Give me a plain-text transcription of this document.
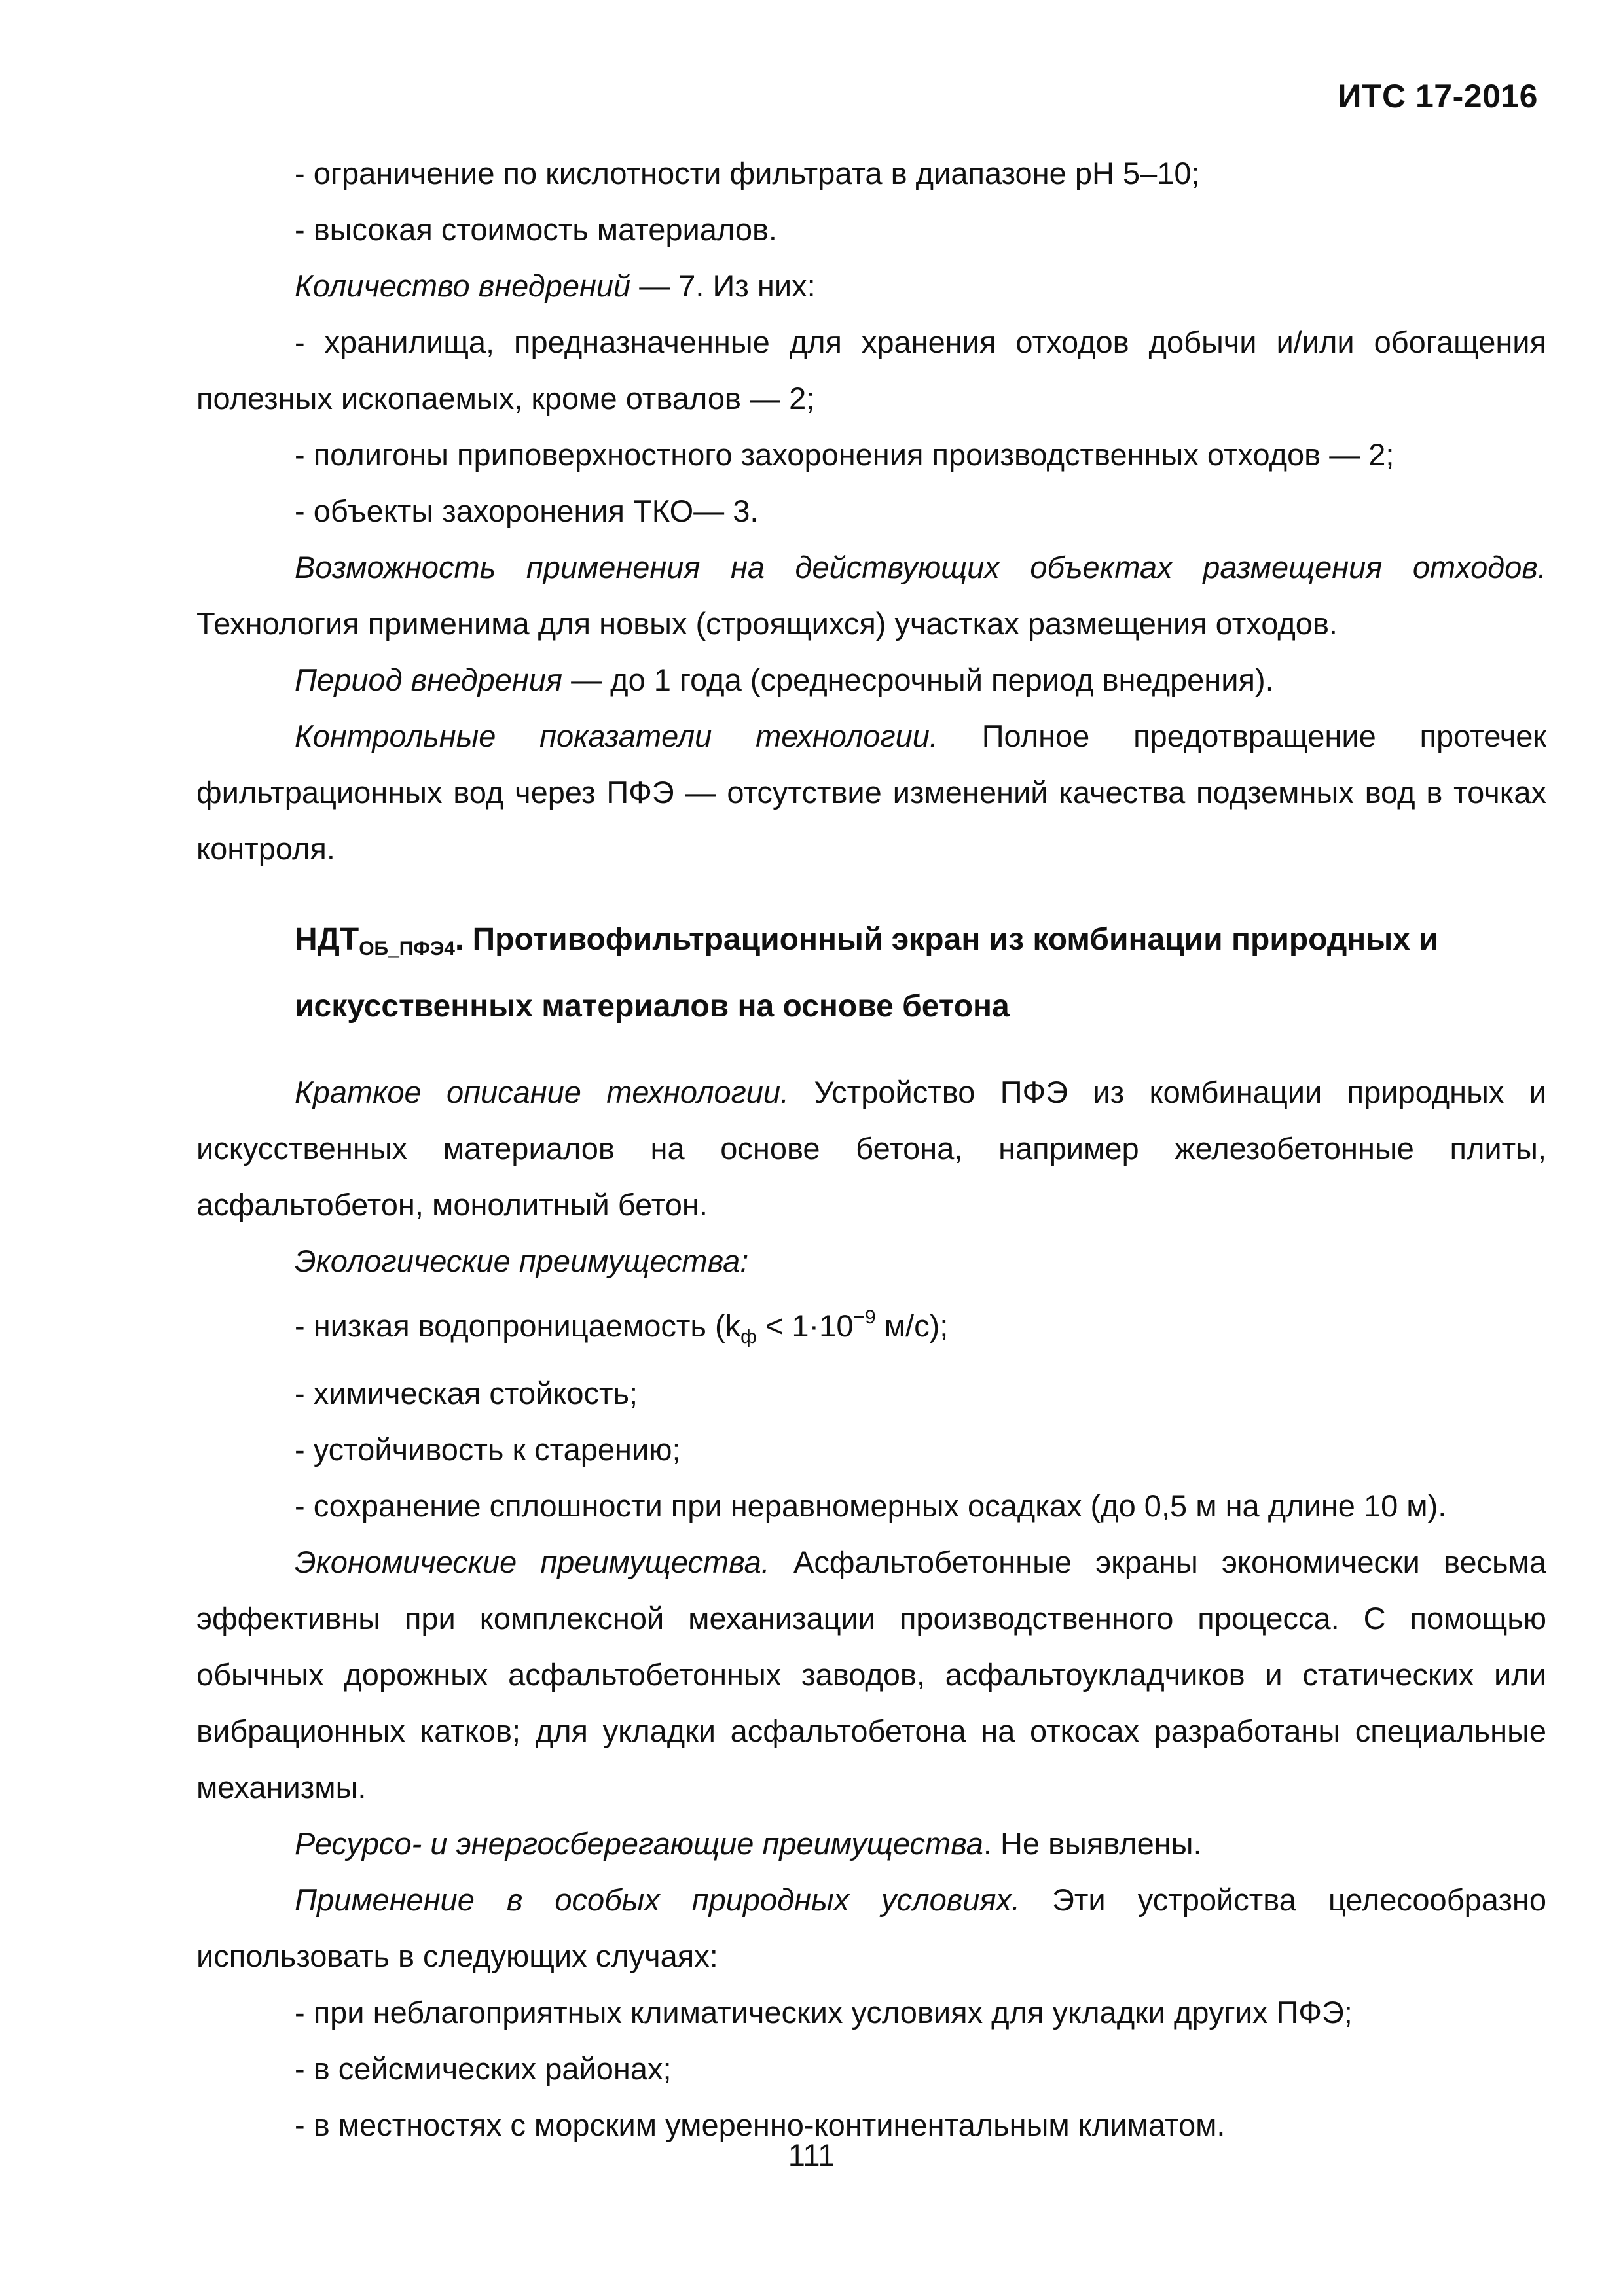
ИТС 17-2016

- ограничение по кислотности фильтрата в диапазоне pH 5–10;

- высокая стоимость материалов.

Количество внедрений — 7. Из них:

- хранилища, предназначенные для хранения отходов добычи и/или обогащения полезных ископаемых, кроме отвалов — 2;

- полигоны приповерхностного захоронения производственных отходов — 2;

- объекты захоронения ТКО— 3.

Возможность применения на действующих объектах размещения отходов. Технология применима для новых (строящихся) участках размещения отходов.

Период внедрения — до 1 года (среднесрочный период внедрения).

Контрольные показатели технологии. Полное предотвращение протечек фильтрационных вод через ПФЭ — отсутствие изменений качества подземных вод в точках контроля.

$НДТ_{ОБ\_ПФЭ4}$. Противофильтрационный экран из комбинации природных и искусственных материалов на основе бетона

Краткое описание технологии. Устройство ПФЭ из комбинации природных и искусственных материалов на основе бетона, например железобетонные плиты, асфальтобетон, монолитный бетон.

Экологические преимущества:

- низкая водопроницаемость ($k_ф < 1\cdot 10^{-9}$ м/с);

- химическая стойкость;

- устойчивость к старению;

- сохранение сплошности при неравномерных осадках (до 0,5 м на длине 10 м).

Экономические преимущества. Асфальтобетонные экраны экономически весьма эффективны при комплексной механизации производственного процесса. С помощью обычных дорожных асфальтобетонных заводов, асфальтоукладчиков и статических или вибрационных катков; для укладки асфальтобетона на откосах разработаны специальные механизмы.

Ресурсо- и энергосберегающие преимущества. Не выявлены.

Применение в особых природных условиях. Эти устройства целесообразно использовать в следующих случаях:

- при неблагоприятных климатических условиях для укладки других ПФЭ;

- в сейсмических районах;

- в местностях с морским умеренно-континентальным климатом.

111
